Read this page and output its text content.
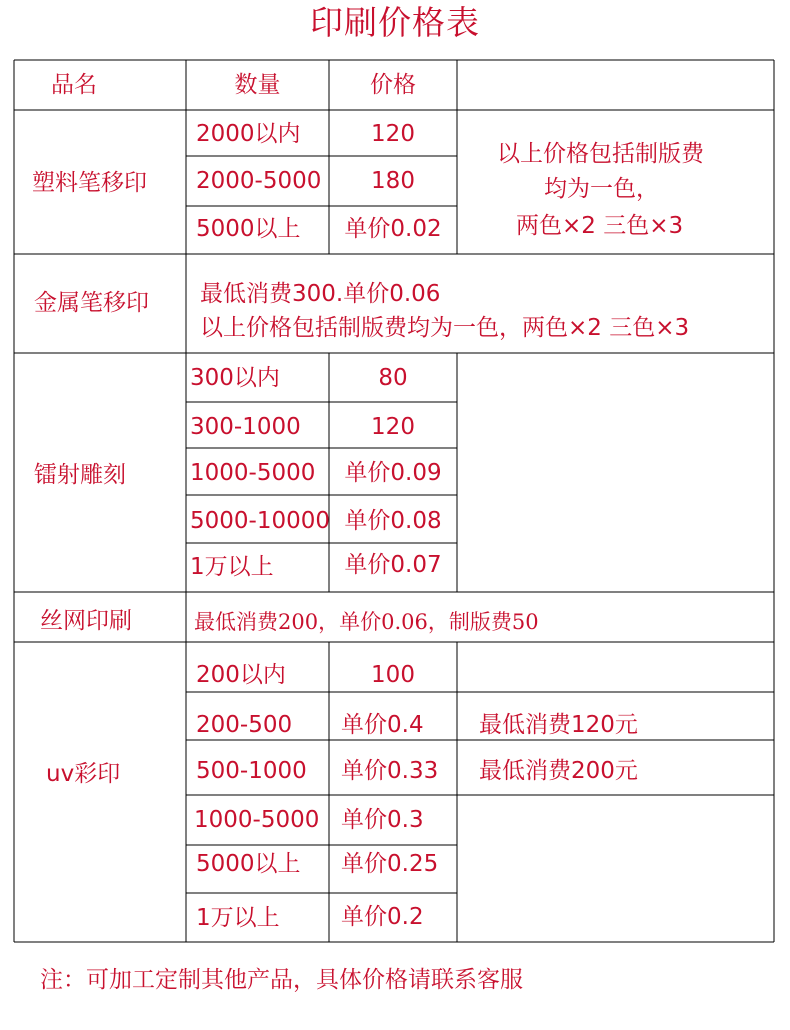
印刷价格表
品名	数量	价格
塑料笔移印
2000以内	120
2000-5000	180
5000以上	单价0.02
以上价格包括制版费
均为一色，
两色×2 三色×3
金属笔移印 最低消费300.单价0.06
以上价格包括制版费均为一色，两色×2 三色×3
镭射雕刻
300以内	80
300-1000	120
1000-5000	单价0.09
5000-10000 单价0.08
1万以上	单价0.07
丝网印刷	最低消费200，单价0.06，制版费50
uv彩印
200以内	100
200-500 单价0.4 最低消费120元
500-1000 单价0.33 最低消费200元
1000-5000 单价0.3
5000以上 单价0.25
1万以上	单价0.2
注：可加工定制其他产品，具体价格请联系客服
